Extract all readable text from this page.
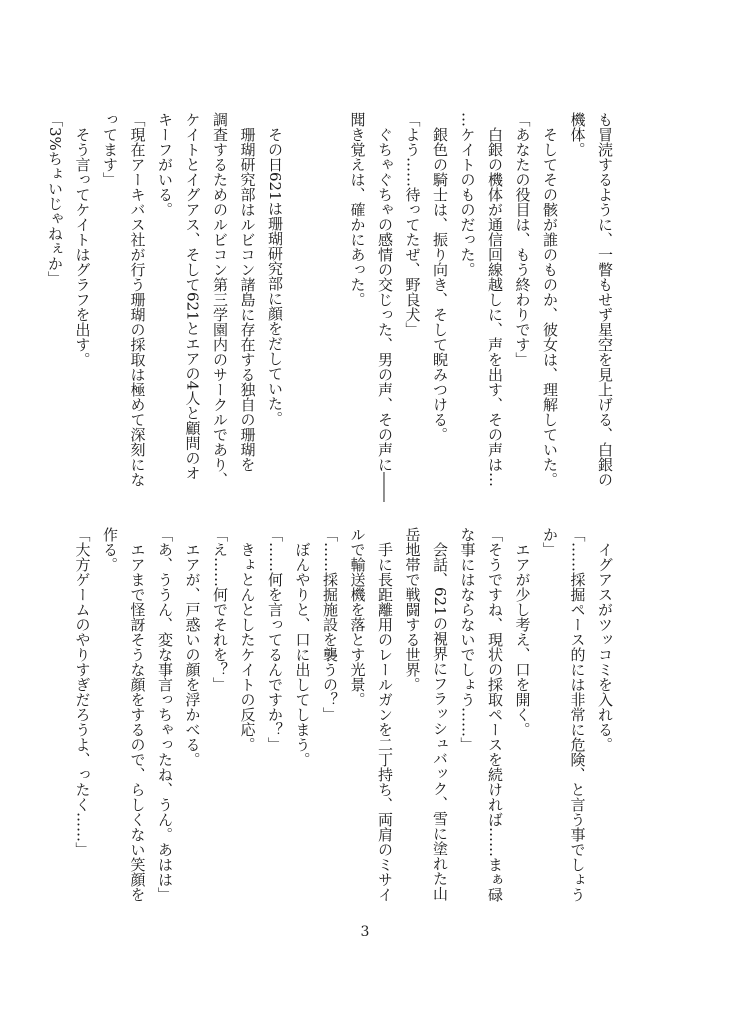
も冒涜するように、一瞥もせず星空を見上げる、白銀の
機体。
　そしてその骸が誰のものか、彼女は、理解していた。
「あなたの役目は、もう終わりです」
　白銀の機体が通信回線越しに、声を出す、その声は…
…ケイトのものだった。
　銀色の騎士は、振り向き、そして睨みつける。
「よう……待ってたぜ、野良犬」
　ぐちゃぐちゃの感情の交じった、男の声、その声に――
聞き覚えは、確かにあった。

　その日621は珊瑚研究部に顔をだしていた。
　珊瑚研究部はルビコン諸島に存在する独自の珊瑚を
調査するためのルビコン第三学園内のサークルであり、
ケイトとイグアス、そして621とエアの4人と顧問のオ
キーフがいる。
「現在アーキバス社が行う珊瑚の採取は極めて深刻にな
ってます」
　そう言ってケイトはグラフを出す。
「3%ちょいじゃねぇか」
　イグアスがツッコミを入れる。
「……採掘ペース的には非常に危険、と言う事でしょう
か」
　エアが少し考え、口を開く。
「そうですね、現状の採取ペースを続ければ……まぁ碌
な事にはならないでしょう……」
　会話、621の視界にフラッシュバック、雪に塗れた山
岳地帯で戦闘する世界。
　手に長距離用のレールガンを二丁持ち、両肩のミサイ
ルで輸送機を落とす光景。
「……採掘施設を襲うの？」
　ぼんやりと、口に出してしまう。
「……何を言ってるんですか？」
　きょとんとしたケイトの反応。
「え……何でそれを？」
　エアが、戸惑いの顔を浮かべる。
「あ、ううん、変な事言っちゃったね、うん。あはは」
　エアまで怪訝そうな顔をするので、らしくない笑顔を
作る。
「大方ゲームのやりすぎだろうよ、ったく……」
3
